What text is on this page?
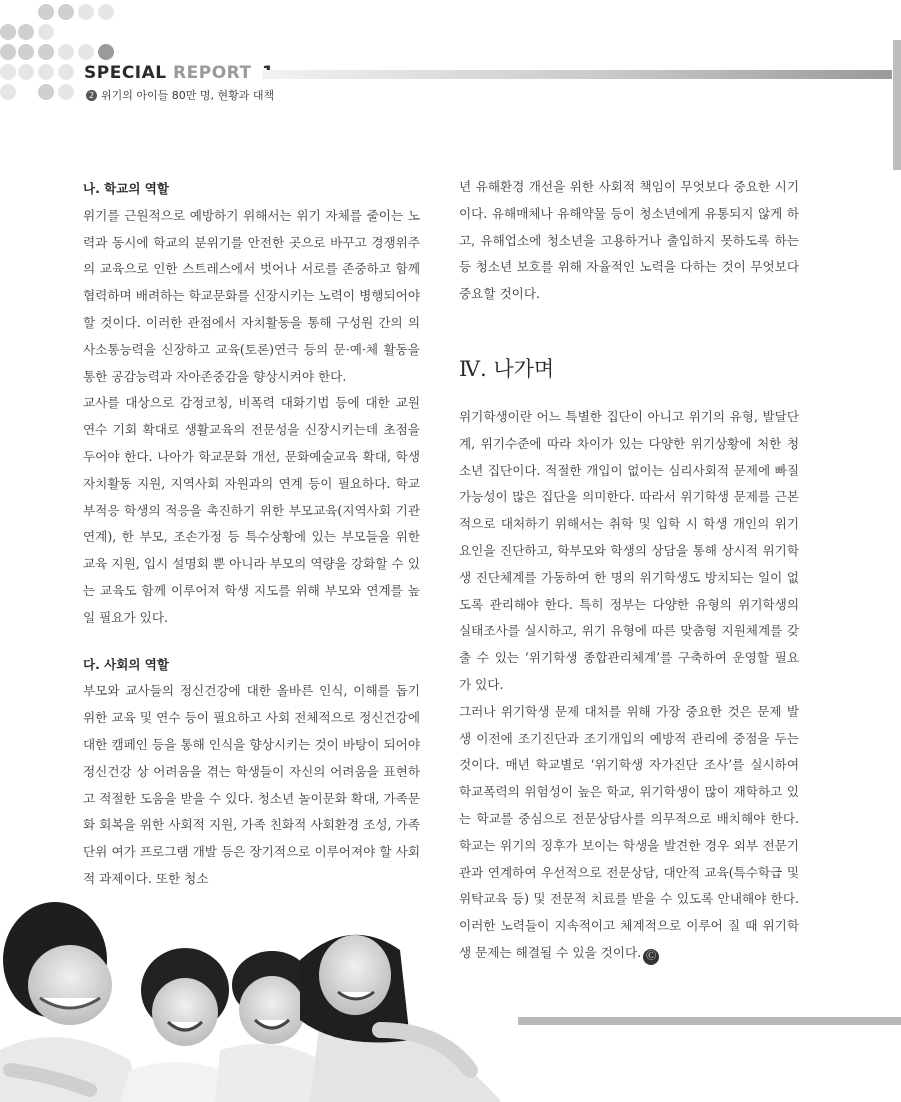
SPECIAL REPORT
2 위기의 아이들 80만 명, 현황과 대책
나. 학교의 역할

위기를 근원적으로 예방하기 위해서는 위기 자체를 줄이는 노력과 동시에 학교의 분위기를 안전한 곳으로 바꾸고 경쟁위주의 교육으로 인한 스트레스에서 벗어나 서로를 존중하고 함께 협력하며 배려하는 학교문화를 신장시키는 노력이 병행되어야 할 것이다. 이러한 관점에서 자치활동을 통해 구성원 간의 의사소통능력을 신장하고 교육(토론)연극 등의 문·예·체 활동을 통한 공감능력과 자아존중감을 향상시켜야 한다.

교사를 대상으로 감정코칭, 비폭력 대화기법 등에 대한 교원 연수 기회 확대로 생활교육의 전문성을 신장시키는데 초점을 두어야 한다. 나아가 학교문화 개선, 문화예술교육 확대, 학생 자치활동 지원, 지역사회 자원과의 연계 등이 필요하다. 학교부적응 학생의 적응을 촉진하기 위한 부모교육(지역사회 기관 연계), 한 부모, 조손가정 등 특수상황에 있는 부모들을 위한 교육 지원, 입시 설명회 뿐 아니라 부모의 역량을 강화할 수 있는 교육도 함께 이루어져 학생 지도를 위해 부모와 연계를 높일 필요가 있다.

다. 사회의 역할

부모와 교사들의 정신건강에 대한 올바른 인식, 이해를 돕기 위한 교육 및 연수 등이 필요하고 사회 전체적으로 정신건강에 대한 캠페인 등을 통해 인식을 향상시키는 것이 바탕이 되어야 정신건강 상 어려움을 겪는 학생들이 자신의 어려움을 표현하고 적절한 도움을 받을 수 있다. 청소년 놀이문화 확대, 가족문화 회복을 위한 사회적 지원, 가족 친화적 사회환경 조성, 가족단위 여가 프로그램 개발 등은 장기적으로 이루어져야 할 사회적 과제이다. 또한 청소

년 유해환경 개선을 위한 사회적 책임이 무엇보다 중요한 시기이다. 유해매체나 유해약물 등이 청소년에게 유통되지 않게 하고, 유해업소에 청소년을 고용하거나 출입하지 못하도록 하는 등 청소년 보호를 위해 자율적인 노력을 다하는 것이 무엇보다 중요할 것이다.

Ⅳ. 나가며

위기학생이란 어느 특별한 집단이 아니고 위기의 유형, 발달단계, 위기수준에 따라 차이가 있는 다양한 위기상황에 처한 청소년 집단이다. 적절한 개입이 없이는 심리사회적 문제에 빠질 가능성이 많은 집단을 의미한다. 따라서 위기학생 문제를 근본적으로 대처하기 위해서는 취학 및 입학 시 학생 개인의 위기요인을 진단하고, 학부모와 학생의 상담을 통해 상시적 위기학생 진단체계를 가동하여 한 명의 위기학생도 방치되는 일이 없도록 관리해야 한다. 특히 정부는 다양한 유형의 위기학생의 실태조사를 실시하고, 위기 유형에 따른 맞춤형 지원체계를 갖출 수 있는 ‘위기학생 종합관리체계’를 구축하여 운영할 필요가 있다.

그러나 위기학생 문제 대처를 위해 가장 중요한 것은 문제 발생 이전에 조기진단과 조기개입의 예방적 관리에 중점을 두는 것이다. 매년 학교별로 ‘위기학생 자가진단 조사’를 실시하여 학교폭력의 위험성이 높은 학교, 위기학생이 많이 재학하고 있는 학교를 중심으로 전문상담사를 의무적으로 배치해야 한다. 학교는 위기의 징후가 보이는 학생을 발견한 경우 외부 전문기관과 연계하여 우선적으로 전문상담, 대안적 교육(특수학급 및 위탁교육 등) 및 전문적 치료를 받을 수 있도록 안내해야 한다. 이러한 노력들이 지속적이고 체계적으로 이루어 질 때 위기학생 문제는 해결될 수 있을 것이다. Ⓒ
